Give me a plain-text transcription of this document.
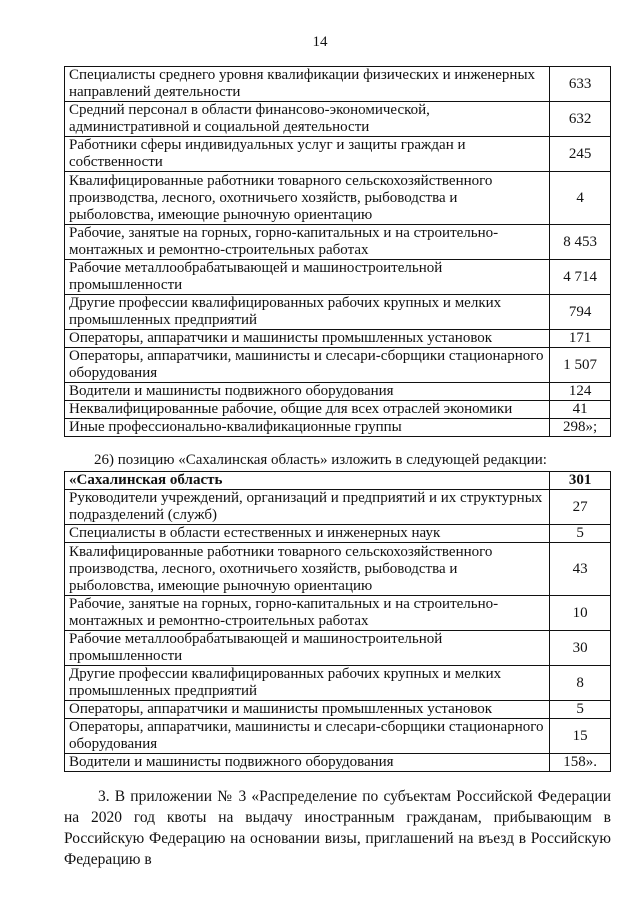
14
Специалисты среднего уровня квалификации физических и инженерных направлений деятельности	633
Средний персонал в области финансово-экономической, административной и социальной деятельности	632
Работники сферы индивидуальных услуг и защиты граждан и собственности	245
Квалифицированные работники товарного сельскохозяйственного производства, лесного, охотничьего хозяйств, рыбоводства и рыболовства, имеющие рыночную ориентацию	4
Рабочие, занятые на горных, горно-капитальных и на строительно-монтажных и ремонтно-строительных работах	8 453
Рабочие металлообрабатывающей и машиностроительной промышленности	4 714
Другие профессии квалифицированных рабочих крупных и мелких промышленных предприятий	794
Операторы, аппаратчики и машинисты промышленных установок	171
Операторы, аппаратчики, машинисты и слесари-сборщики стационарного оборудования	1 507
Водители и машинисты подвижного оборудования	124
Неквалифицированные рабочие, общие для всех отраслей экономики	41
Иные профессионально-квалификационные группы	298»;
26) позицию «Сахалинская область» изложить в следующей редакции:
«Сахалинская область	301
Руководители учреждений, организаций и предприятий и их структурных подразделений (служб)	27
Специалисты в области естественных и инженерных наук	5
Квалифицированные работники товарного сельскохозяйственного производства, лесного, охотничьего хозяйств, рыбоводства и рыболовства, имеющие рыночную ориентацию	43
Рабочие, занятые на горных, горно-капитальных и на строительно-монтажных и ремонтно-строительных работах	10
Рабочие металлообрабатывающей и машиностроительной промышленности	30
Другие профессии квалифицированных рабочих крупных и мелких промышленных предприятий	8
Операторы, аппаратчики и машинисты промышленных установок	5
Операторы, аппаратчики, машинисты и слесари-сборщики стационарного оборудования	15
Водители и машинисты подвижного оборудования	158».
3. В приложении № 3 «Распределение по субъектам Российской Федерации на 2020 год квоты на выдачу иностранным гражданам, прибывающим в Российскую Федерацию на основании визы, приглашений на въезд в Российскую Федерацию в
